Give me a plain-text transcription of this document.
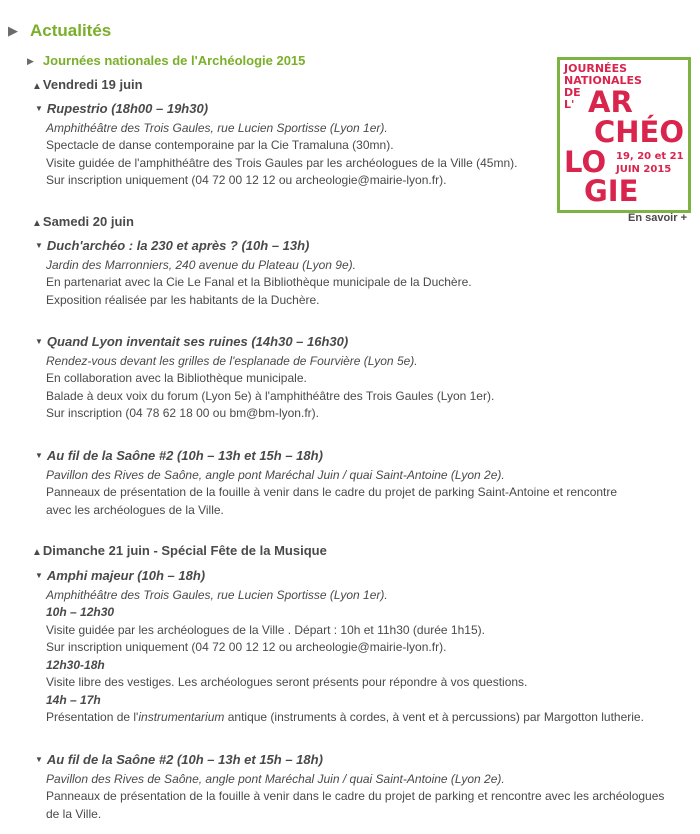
▶ Actualités
▶ Journées nationales de l'Archéologie 2015
JOURNÉES
NATIONALES
DE
L' AR
CHÉO
LO 19, 20 et 21
JUIN 2015
GIE
En savoir +
▲Vendredi 19 juin
▼ Rupestrio (18h00 – 19h30)
Amphithéâtre des Trois Gaules, rue Lucien Sportisse (Lyon 1er).
Spectacle de danse contemporaine par la Cie Tramaluna (30mn).
Visite guidée de l'amphithéâtre des Trois Gaules par les archéologues de la Ville (45mn).
Sur inscription uniquement (04 72 00 12 12 ou archeologie@mairie-lyon.fr).
▲Samedi 20 juin
▼ Duch'archéo : la 230 et après ? (10h – 13h)
Jardin des Marronniers, 240 avenue du Plateau (Lyon 9e).
En partenariat avec la Cie Le Fanal et la Bibliothèque municipale de la Duchère.
Exposition réalisée par les habitants de la Duchère.
▼ Quand Lyon inventait ses ruines (14h30 – 16h30)
Rendez-vous devant les grilles de l'esplanade de Fourvière (Lyon 5e).
En collaboration avec la Bibliothèque municipale.
Balade à deux voix du forum (Lyon 5e) à l'amphithéâtre des Trois Gaules (Lyon 1er).
Sur inscription (04 78 62 18 00 ou bm@bm-lyon.fr).
▼ Au fil de la Saône #2 (10h – 13h et 15h – 18h)
Pavillon des Rives de Saône, angle pont Maréchal Juin / quai Saint-Antoine (Lyon 2e).
Panneaux de présentation de la fouille à venir dans le cadre du projet de parking Saint-Antoine et rencontre
avec les archéologues de la Ville.
▲Dimanche 21 juin - Spécial Fête de la Musique
▼ Amphi majeur (10h – 18h)
Amphithéâtre des Trois Gaules, rue Lucien Sportisse (Lyon 1er).
10h – 12h30
Visite guidée par les archéologues de la Ville . Départ : 10h et 11h30 (durée 1h15).
Sur inscription uniquement (04 72 00 12 12 ou archeologie@mairie-lyon.fr).
12h30-18h
Visite libre des vestiges. Les archéologues seront présents pour répondre à vos questions.
14h – 17h
Présentation de l'instrumentarium antique (instruments à cordes, à vent et à percussions) par Margotton lutherie.
▼ Au fil de la Saône #2 (10h – 13h et 15h – 18h)
Pavillon des Rives de Saône, angle pont Maréchal Juin / quai Saint-Antoine (Lyon 2e).
Panneaux de présentation de la fouille à venir dans le cadre du projet de parking et rencontre avec les archéologues
de la Ville.
